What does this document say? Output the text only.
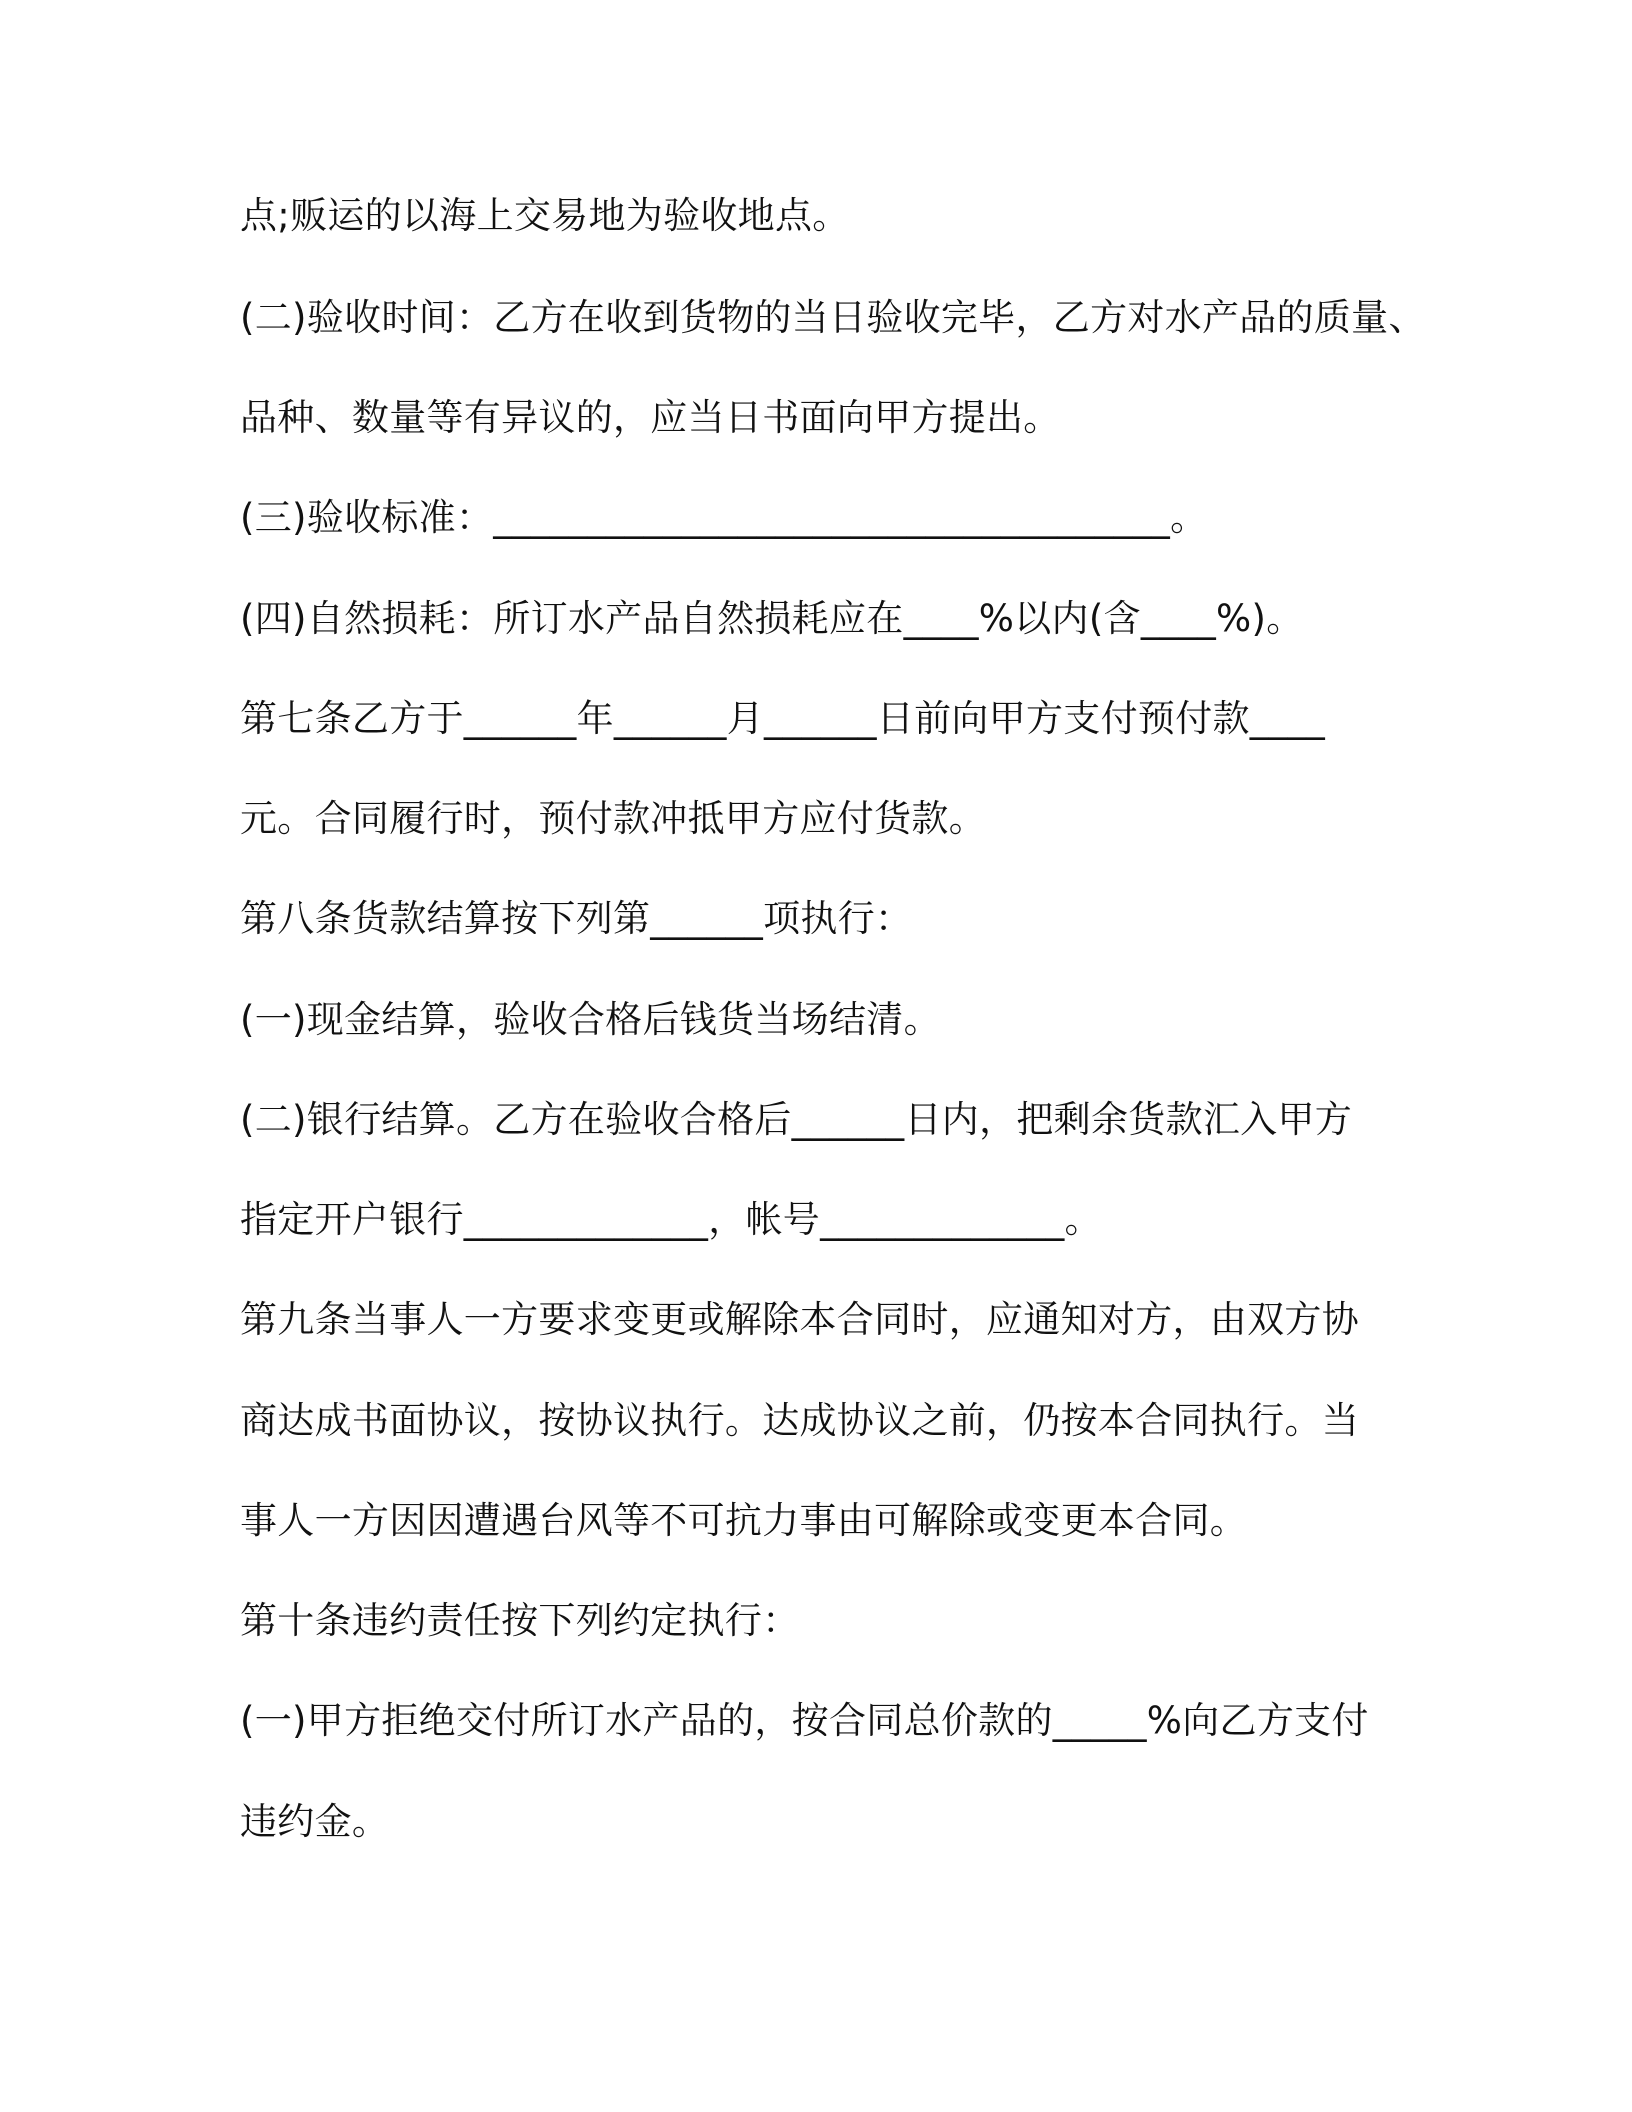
点;贩运的以海上交易地为验收地点。
(二)验收时间：乙方在收到货物的当日验收完毕，乙方对水产品的质量、
品种、数量等有异议的，应当日书面向甲方提出。
(三)验收标准：____________________________________。
(四)自然损耗：所订水产品自然损耗应在____%以内(含____%)。
第七条乙方于______年______月______日前向甲方支付预付款____
元。合同履行时，预付款冲抵甲方应付货款。
第八条货款结算按下列第______项执行：
(一)现金结算，验收合格后钱货当场结清。
(二)银行结算。乙方在验收合格后______日内，把剩余货款汇入甲方
指定开户银行_____________，帐号_____________。
第九条当事人一方要求变更或解除本合同时，应通知对方，由双方协
商达成书面协议，按协议执行。达成协议之前，仍按本合同执行。当
事人一方因因遭遇台风等不可抗力事由可解除或变更本合同。
第十条违约责任按下列约定执行：
(一)甲方拒绝交付所订水产品的，按合同总价款的_____%向乙方支付
违约金。
